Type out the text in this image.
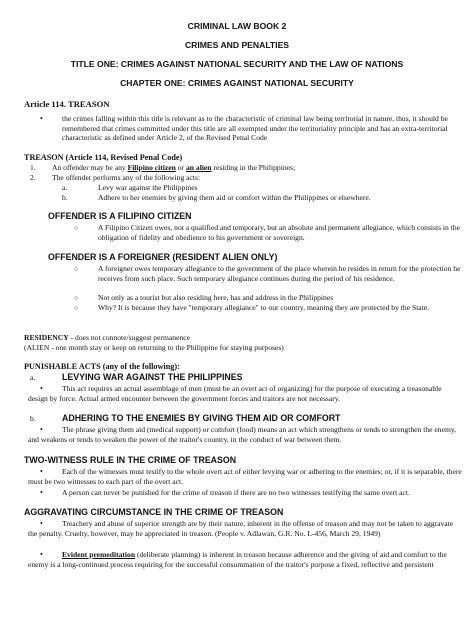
CRIMINAL LAW BOOK 2
CRIMES AND PENALTIES
TITLE ONE: CRIMES AGAINST NATIONAL SECURITY AND THE LAW OF NATIONS
CHAPTER ONE: CRIMES AGAINST NATIONAL SECURITY
Article 114. TREASON
•	the crimes falling within this title is relevant as to the characteristic of criminal law being territorial in nature, thus, it should be remembered that crimes committed under this title are all exempted under the territoriality principle and has an extra-territorial characteristic as defined under Article 2, of the Revised Penal Code

TREASON (Article 114, Revised Penal Code)
1. An offender may be any Filipino citizen or an alien residing in the Philippines;

2. The offender performs any of the following acts:

a.	Levy war against the Philippines

b.	Adhere to her enemies by giving them aid or comfort within the Philippines or elsewhere.

OFFENDER IS A FILIPINO CITIZEN
○	A Filipino Citizen owes, not a qualified and temporary, but an absolute and permanent allegiance, which consists in the obligation of fidelity and obedience to his government or sovereign.

OFFENDER IS A FOREIGNER (RESIDENT ALIEN ONLY)
○	A foreigner owes temporary allegiance to the government of the place wherein he resides in return for the protection he receives from such place. Such temporary allegiance continues during the period of his residence.

○	Not only as a tourist but also residing here, has and address in the Philippines

○	Why? It is because they have "temporary allegiance" to our country, meaning they are protected by the State.

RESIDENCY - does not connote/suggest permanence

(ALIEN - one month stay or keep on returning to the Philippine for staying purposes)

PUNISHABLE ACTS (any of the following):
a.	LEVYING WAR AGAINST THE PHILIPPINES
•	This act requires an actual assemblage of men (must be an overt act of organizing) for the purpose of executing a treasonable design by force. Actual armed encounter between the government forces and traitors are not necessary.

b.	ADHERING TO THE ENEMIES BY GIVING THEM AID OR COMFORT
•	The phrase giving them aid (medical support) or comfort (food) means an act which strengthens or tends to strengthen the enemy, and weakens or tends to weaken the power of the traitor's country, in the conduct of war between them.

TWO-WITNESS RULE IN THE CRIME OF TREASON
•	Each of the witnesses must testify to the whole overt act of either levying war or adhering to the enemies; or, if it is separable, there must be two witnesses to each part of the overt act.

•	A person can never be punished for the crime of treason if there are no two witnesses testifying the same overt act.

AGGRAVATING CIRCUMSTANCE IN THE CRIME OF TREASON
•	Treachery and abuse of superior strength are by their nature, inherent in the offense of treason and may not be taken to aggravate the penalty. Cruelty, however, may be appreciated in treason. (People v. Adlawan, G.R. No. L-456, March 29, 1949)

•	Evident premeditation (deliberate planning) is inherent in treason because adherence and the giving of aid and comfort to the enemy is a long-continued process requiring for the successful consummation of the traitor's purpose a fixed, reflective and persistent
